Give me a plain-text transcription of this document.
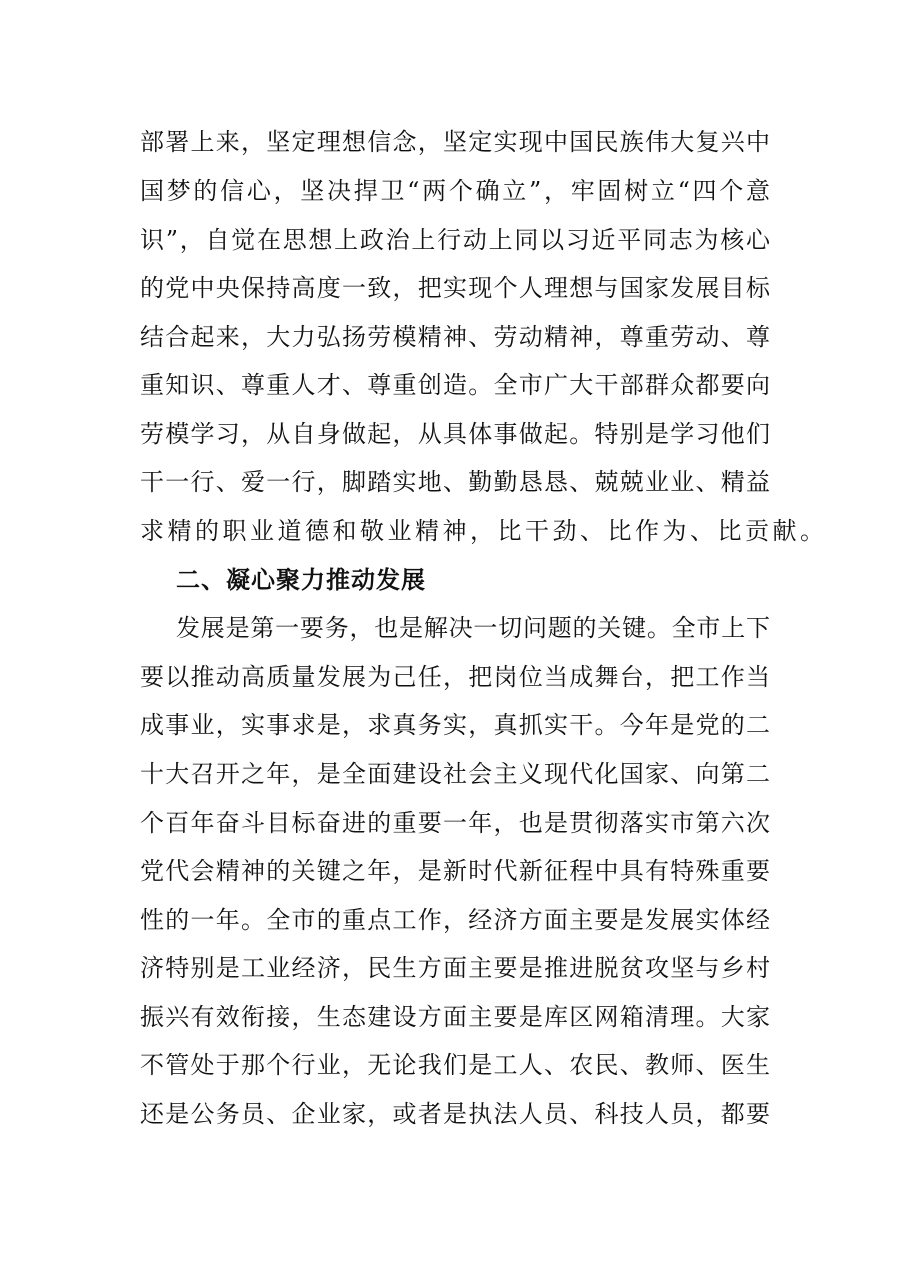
部署上来，坚定理想信念，坚定实现中国民族伟大复兴中
国梦的信心，坚决捍卫“两个确立”，牢固树立“四个意
识”，自觉在思想上政治上行动上同以习近平同志为核心
的党中央保持高度一致，把实现个人理想与国家发展目标
结合起来，大力弘扬劳模精神、劳动精神，尊重劳动、尊
重知识、尊重人才、尊重创造。全市广大干部群众都要向
劳模学习，从自身做起，从具体事做起。特别是学习他们
干一行、爱一行，脚踏实地、勤勤恳恳、兢兢业业、精益
求精的职业道德和敬业精神，比干劲、比作为、比贡献。
二、凝心聚力推动发展
发展是第一要务，也是解决一切问题的关键。全市上下
要以推动高质量发展为己任，把岗位当成舞台，把工作当
成事业，实事求是，求真务实，真抓实干。今年是党的二
十大召开之年，是全面建设社会主义现代化国家、向第二
个百年奋斗目标奋进的重要一年，也是贯彻落实市第六次
党代会精神的关键之年，是新时代新征程中具有特殊重要
性的一年。全市的重点工作，经济方面主要是发展实体经
济特别是工业经济，民生方面主要是推进脱贫攻坚与乡村
振兴有效衔接，生态建设方面主要是库区网箱清理。大家
不管处于那个行业，无论我们是工人、农民、教师、医生
还是公务员、企业家，或者是执法人员、科技人员，都要
